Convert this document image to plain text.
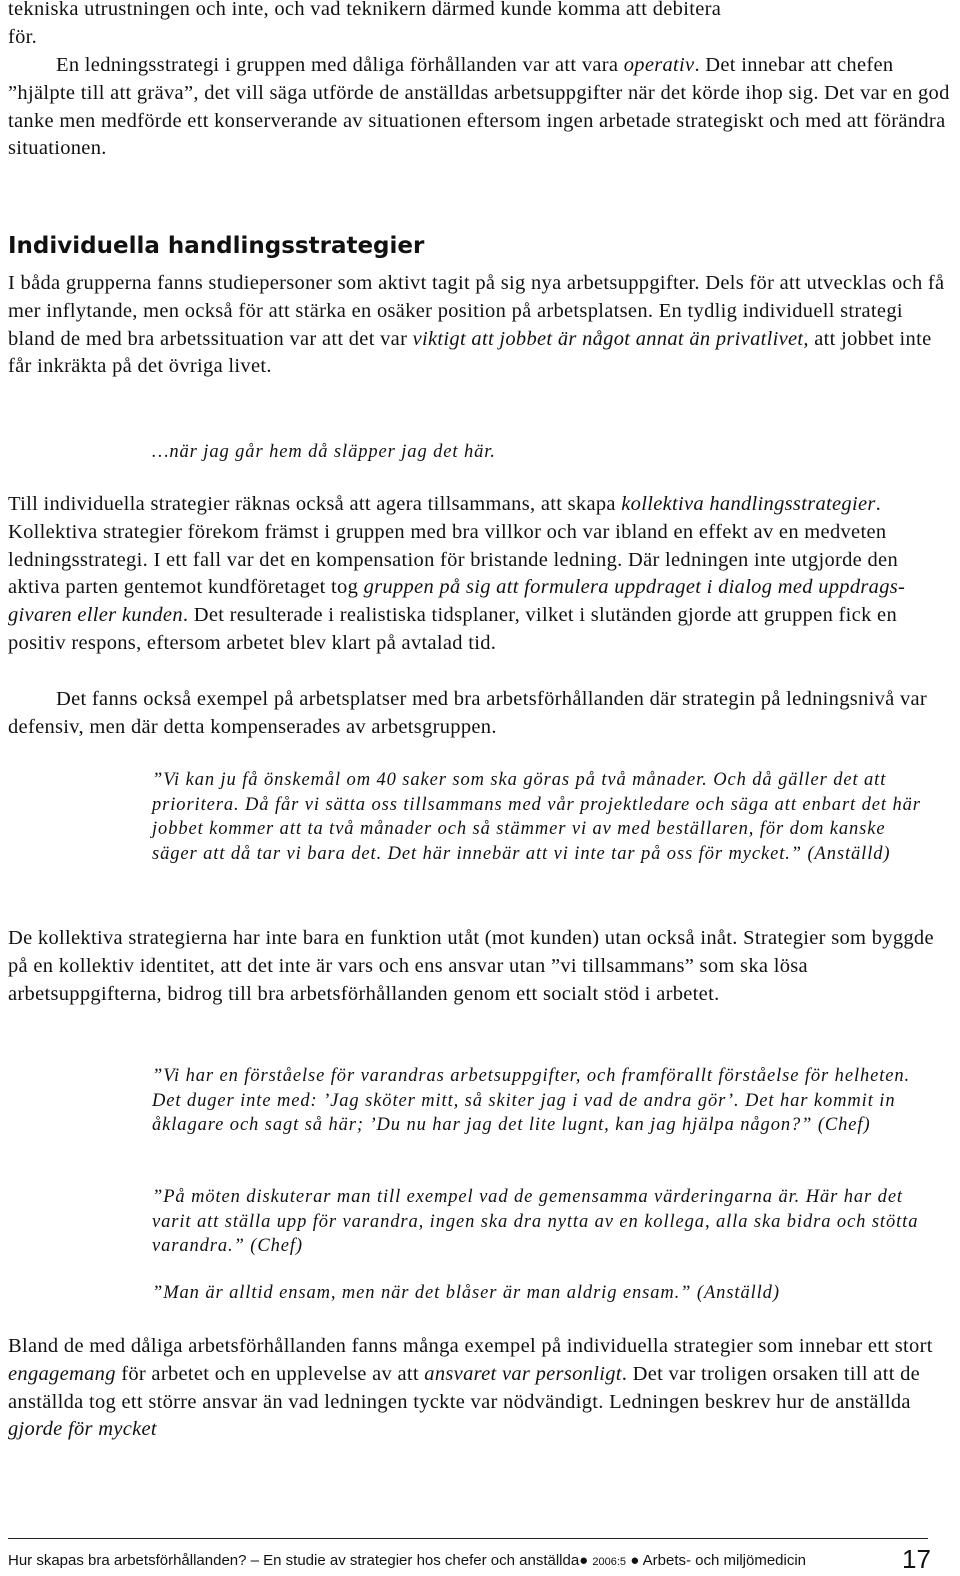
tekniska utrustningen och inte, och vad teknikern därmed kunde komma att debitera
för.

En ledningsstrategi i gruppen med dåliga förhållanden var att vara operativ. Det innebar att chefen ”hjälpte till att gräva”, det vill säga utförde de anställdas arbetsuppgifter när det körde ihop sig. Det var en god tanke men medförde ett konserverande av situationen eftersom ingen arbetade strategiskt och med att förändra situationen.

Individuella handlingsstrategier

I båda grupperna fanns studiepersoner som aktivt tagit på sig nya arbetsuppgifter. Dels för att utvecklas och få mer inflytande, men också för att stärka en osäker position på arbetsplatsen. En tydlig individuell strategi bland de med bra arbetssituation var att det var viktigt att jobbet är något annat än privatlivet, att jobbet inte får inkräkta på det övriga livet.

…när jag går hem då släpper jag det här.

Till individuella strategier räknas också att agera tillsammans, att skapa kollektiva handlingsstrategier. Kollektiva strategier förekom främst i gruppen med bra villkor och var ibland en effekt av en medveten ledningsstrategi. I ett fall var det en kompensation för bristande ledning. Där ledningen inte utgjorde den aktiva parten gentemot kundföretaget tog gruppen på sig att formulera uppdraget i dialog med uppdragsgivaren eller kunden. Det resulterade i realistiska tidsplaner, vilket i slutänden gjorde att gruppen fick en positiv respons, eftersom arbetet blev klart på avtalad tid.

Det fanns också exempel på arbetsplatser med bra arbetsförhållanden där strategin på ledningsnivå var defensiv, men där detta kompenserades av arbetsgruppen.

”Vi kan ju få önskemål om 40 saker som ska göras på två månader. Och då gäller det att prioritera. Då får vi sätta oss tillsammans med vår projektledare och säga att enbart det här jobbet kommer att ta två månader och så stämmer vi av med beställaren, för dom kanske säger att då tar vi bara det. Det här innebär att vi inte tar på oss för mycket.” (Anställd)

De kollektiva strategierna har inte bara en funktion utåt (mot kunden) utan också inåt. Strategier som byggde på en kollektiv identitet, att det inte är vars och ens ansvar utan ”vi tillsammans” som ska lösa arbetsuppgifterna, bidrog till bra arbetsförhållanden genom ett socialt stöd i arbetet.

”Vi har en förståelse för varandras arbetsuppgifter, och framförallt förståelse för helheten. Det duger inte med: ’Jag sköter mitt, så skiter jag i vad de andra gör’. Det har kommit in åklagare och sagt så här; ’Du nu har jag det lite lugnt, kan jag hjälpa någon?” (Chef)

”På möten diskuterar man till exempel vad de gemensamma värderingarna är. Här har det varit att ställa upp för varandra, ingen ska dra nytta av en kollega, alla ska bidra och stötta varandra.” (Chef)

”Man är alltid ensam, men när det blåser är man aldrig ensam.” (Anställd)

Bland de med dåliga arbetsförhållanden fanns många exempel på individuella strategier som innebar ett stort engagemang för arbetet och en upplevelse av att ansvaret var personligt. Det var troligen orsaken till att de anställda tog ett större ansvar än vad ledningen tyckte var nödvändigt. Ledningen beskrev hur de anställda gjorde för mycket

Hur skapas bra arbetsförhållanden? – En studie av strategier hos chefer och anställda● 2006:5 ● Arbets- och miljömedicin	17
